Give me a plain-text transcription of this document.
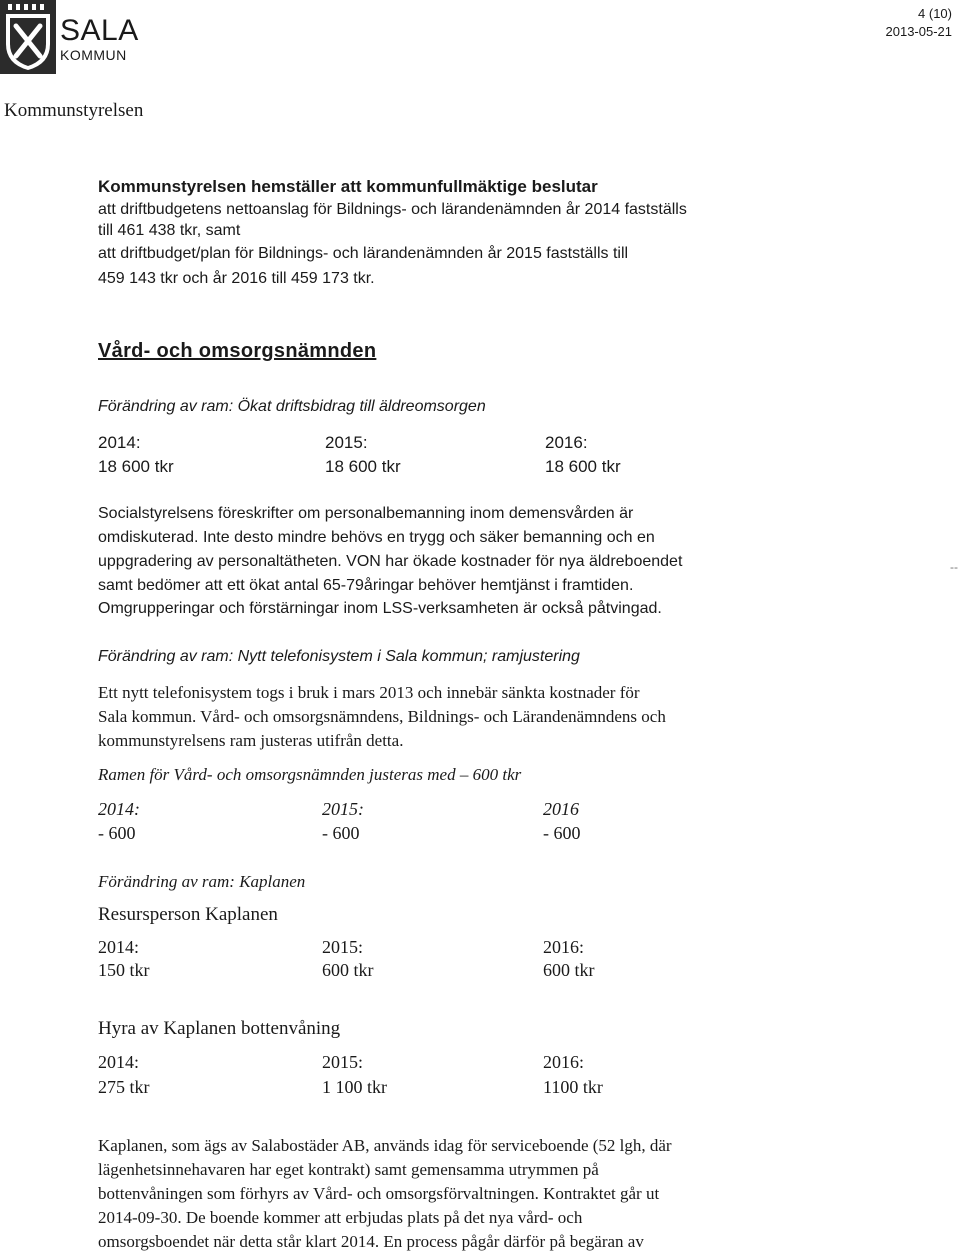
SALA
KOMMUN
4 (10)
2013-05-21
Kommunstyrelsen
Kommunstyrelsen hemställer att kommunfullmäktige beslutar
att driftbudgetens nettoanslag för Bildnings- och lärandenämnden år 2014 fastställs
till 461 438 tkr, samt
att driftbudget/plan för Bildnings- och lärandenämnden år 2015 fastställs till
459 143 tkr och år 2016 till 459 173 tkr.
Vård- och omsorgsnämnden
Förändring av ram: Ökat driftsbidrag till äldreomsorgen
2014:	2015:	2016:
18 600 tkr	18 600 tkr	18 600 tkr
Socialstyrelsens föreskrifter om personalbemanning inom demensvården är
omdiskuterad. Inte desto mindre behövs en trygg och säker bemanning och en
uppgradering av personaltätheten. VON har ökade kostnader för nya äldreboendet
samt bedömer att ett ökat antal 65-79åringar behöver hemtjänst i framtiden.
Omgrupperingar och förstärningar inom LSS-verksamheten är också påtvingad.
Förändring av ram: Nytt telefonisystem i Sala kommun; ramjustering
Ett nytt telefonisystem togs i bruk i mars 2013 och innebär sänkta kostnader för
Sala kommun. Vård- och omsorgsnämndens, Bildnings- och Lärandenämndens och
kommunstyrelsens ram justeras utifrån detta.
Ramen för Vård- och omsorgsnämnden justeras med – 600 tkr
2014:	2015:	2016
- 600	- 600	- 600
Förändring av ram: Kaplanen
Resursperson Kaplanen
2014:	2015:	2016:
150 tkr	600 tkr	600 tkr
Hyra av Kaplanen bottenvåning
2014:	2015:	2016:
275 tkr	1 100 tkr	1100 tkr
Kaplanen, som ägs av Salabostäder AB, används idag för serviceboende (52 lgh, där
lägenhetsinnehavaren har eget kontrakt) samt gemensamma utrymmen på
bottenvåningen som förhyrs av Vård- och omsorgsförvaltningen. Kontraktet går ut
2014-09-30. De boende kommer att erbjudas plats på det nya vård- och
omsorgsboendet när detta står klart 2014. En process pågår därför på begäran av
--
